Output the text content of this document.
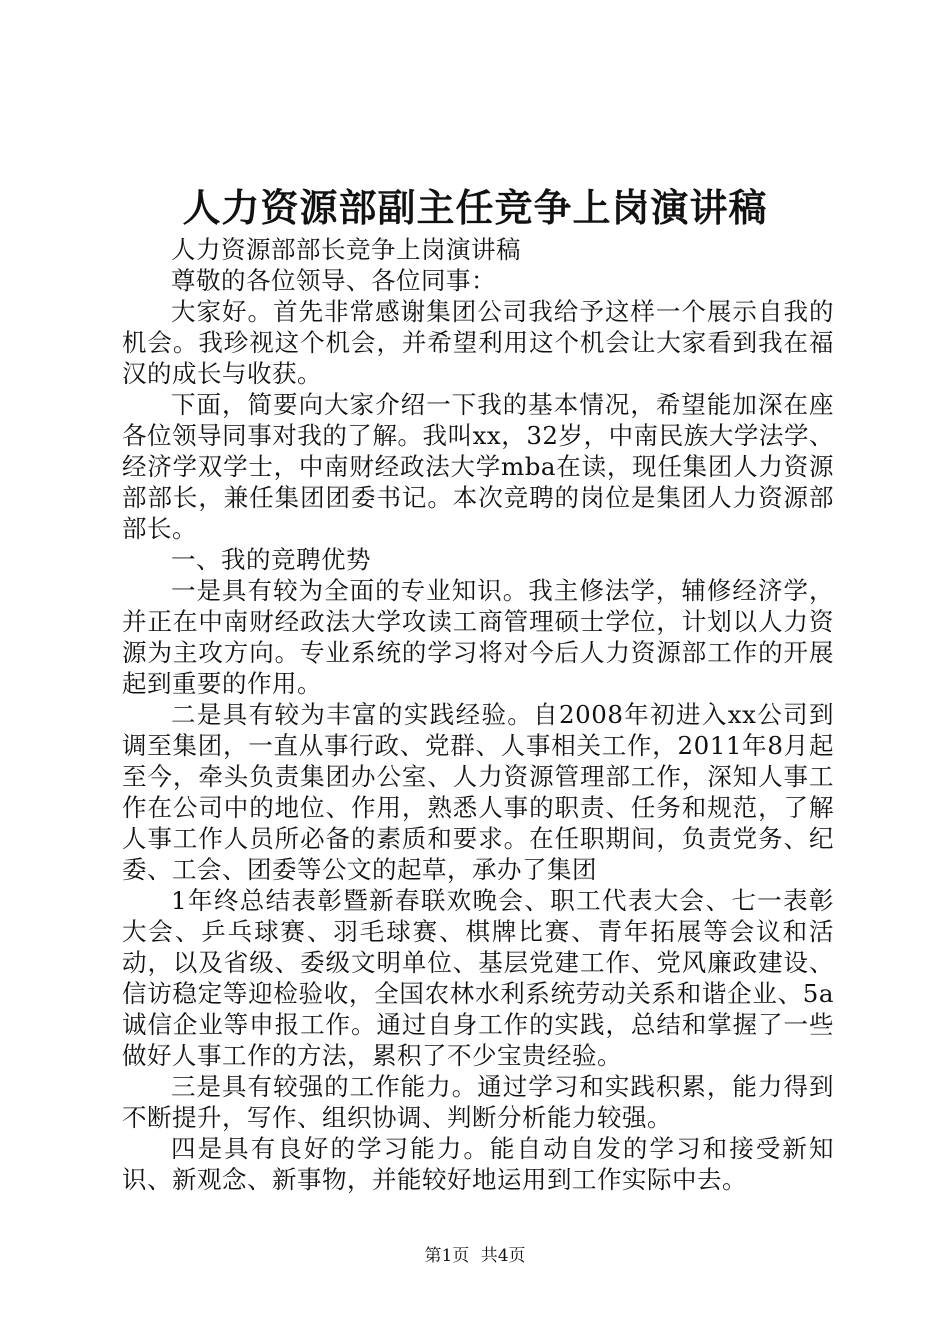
人力资源部副主任竞争上岗演讲稿

人力资源部部长竞争上岗演讲稿

尊敬的各位领导、各位同事：

大家好。首先非常感谢集团公司我给予这样一个展示自我的机会。我珍视这个机会，并希望利用这个机会让大家看到我在福汉的成长与收获。

下面，简要向大家介绍一下我的基本情况，希望能加深在座各位领导同事对我的了解。我叫xx，32岁，中南民族大学法学、经济学双学士，中南财经政法大学mba在读，现任集团人力资源部部长，兼任集团团委书记。本次竞聘的岗位是集团人力资源部部长。

一、我的竞聘优势

一是具有较为全面的专业知识。我主修法学，辅修经济学，并正在中南财经政法大学攻读工商管理硕士学位，计划以人力资源为主攻方向。专业系统的学习将对今后人力资源部工作的开展起到重要的作用。

二是具有较为丰富的实践经验。自2008年初进入xx公司到调至集团，一直从事行政、党群、人事相关工作，2011年8月起至今，牵头负责集团办公室、人力资源管理部工作，深知人事工作在公司中的地位、作用，熟悉人事的职责、任务和规范，了解人事工作人员所必备的素质和要求。在任职期间，负责党务、纪委、工会、团委等公文的起草，承办了集团

1年终总结表彰暨新春联欢晚会、职工代表大会、七一表彰大会、乒乓球赛、羽毛球赛、棋牌比赛、青年拓展等会议和活动，以及省级、委级文明单位、基层党建工作、党风廉政建设、信访稳定等迎检验收，全国农林水利系统劳动关系和谐企业、5a诚信企业等申报工作。通过自身工作的实践，总结和掌握了一些做好人事工作的方法，累积了不少宝贵经验。

三是具有较强的工作能力。通过学习和实践积累，能力得到不断提升，写作、组织协调、判断分析能力较强。

四是具有良好的学习能力。能自动自发的学习和接受新知识、新观念、新事物，并能较好地运用到工作实际中去。

第1页 共4页
